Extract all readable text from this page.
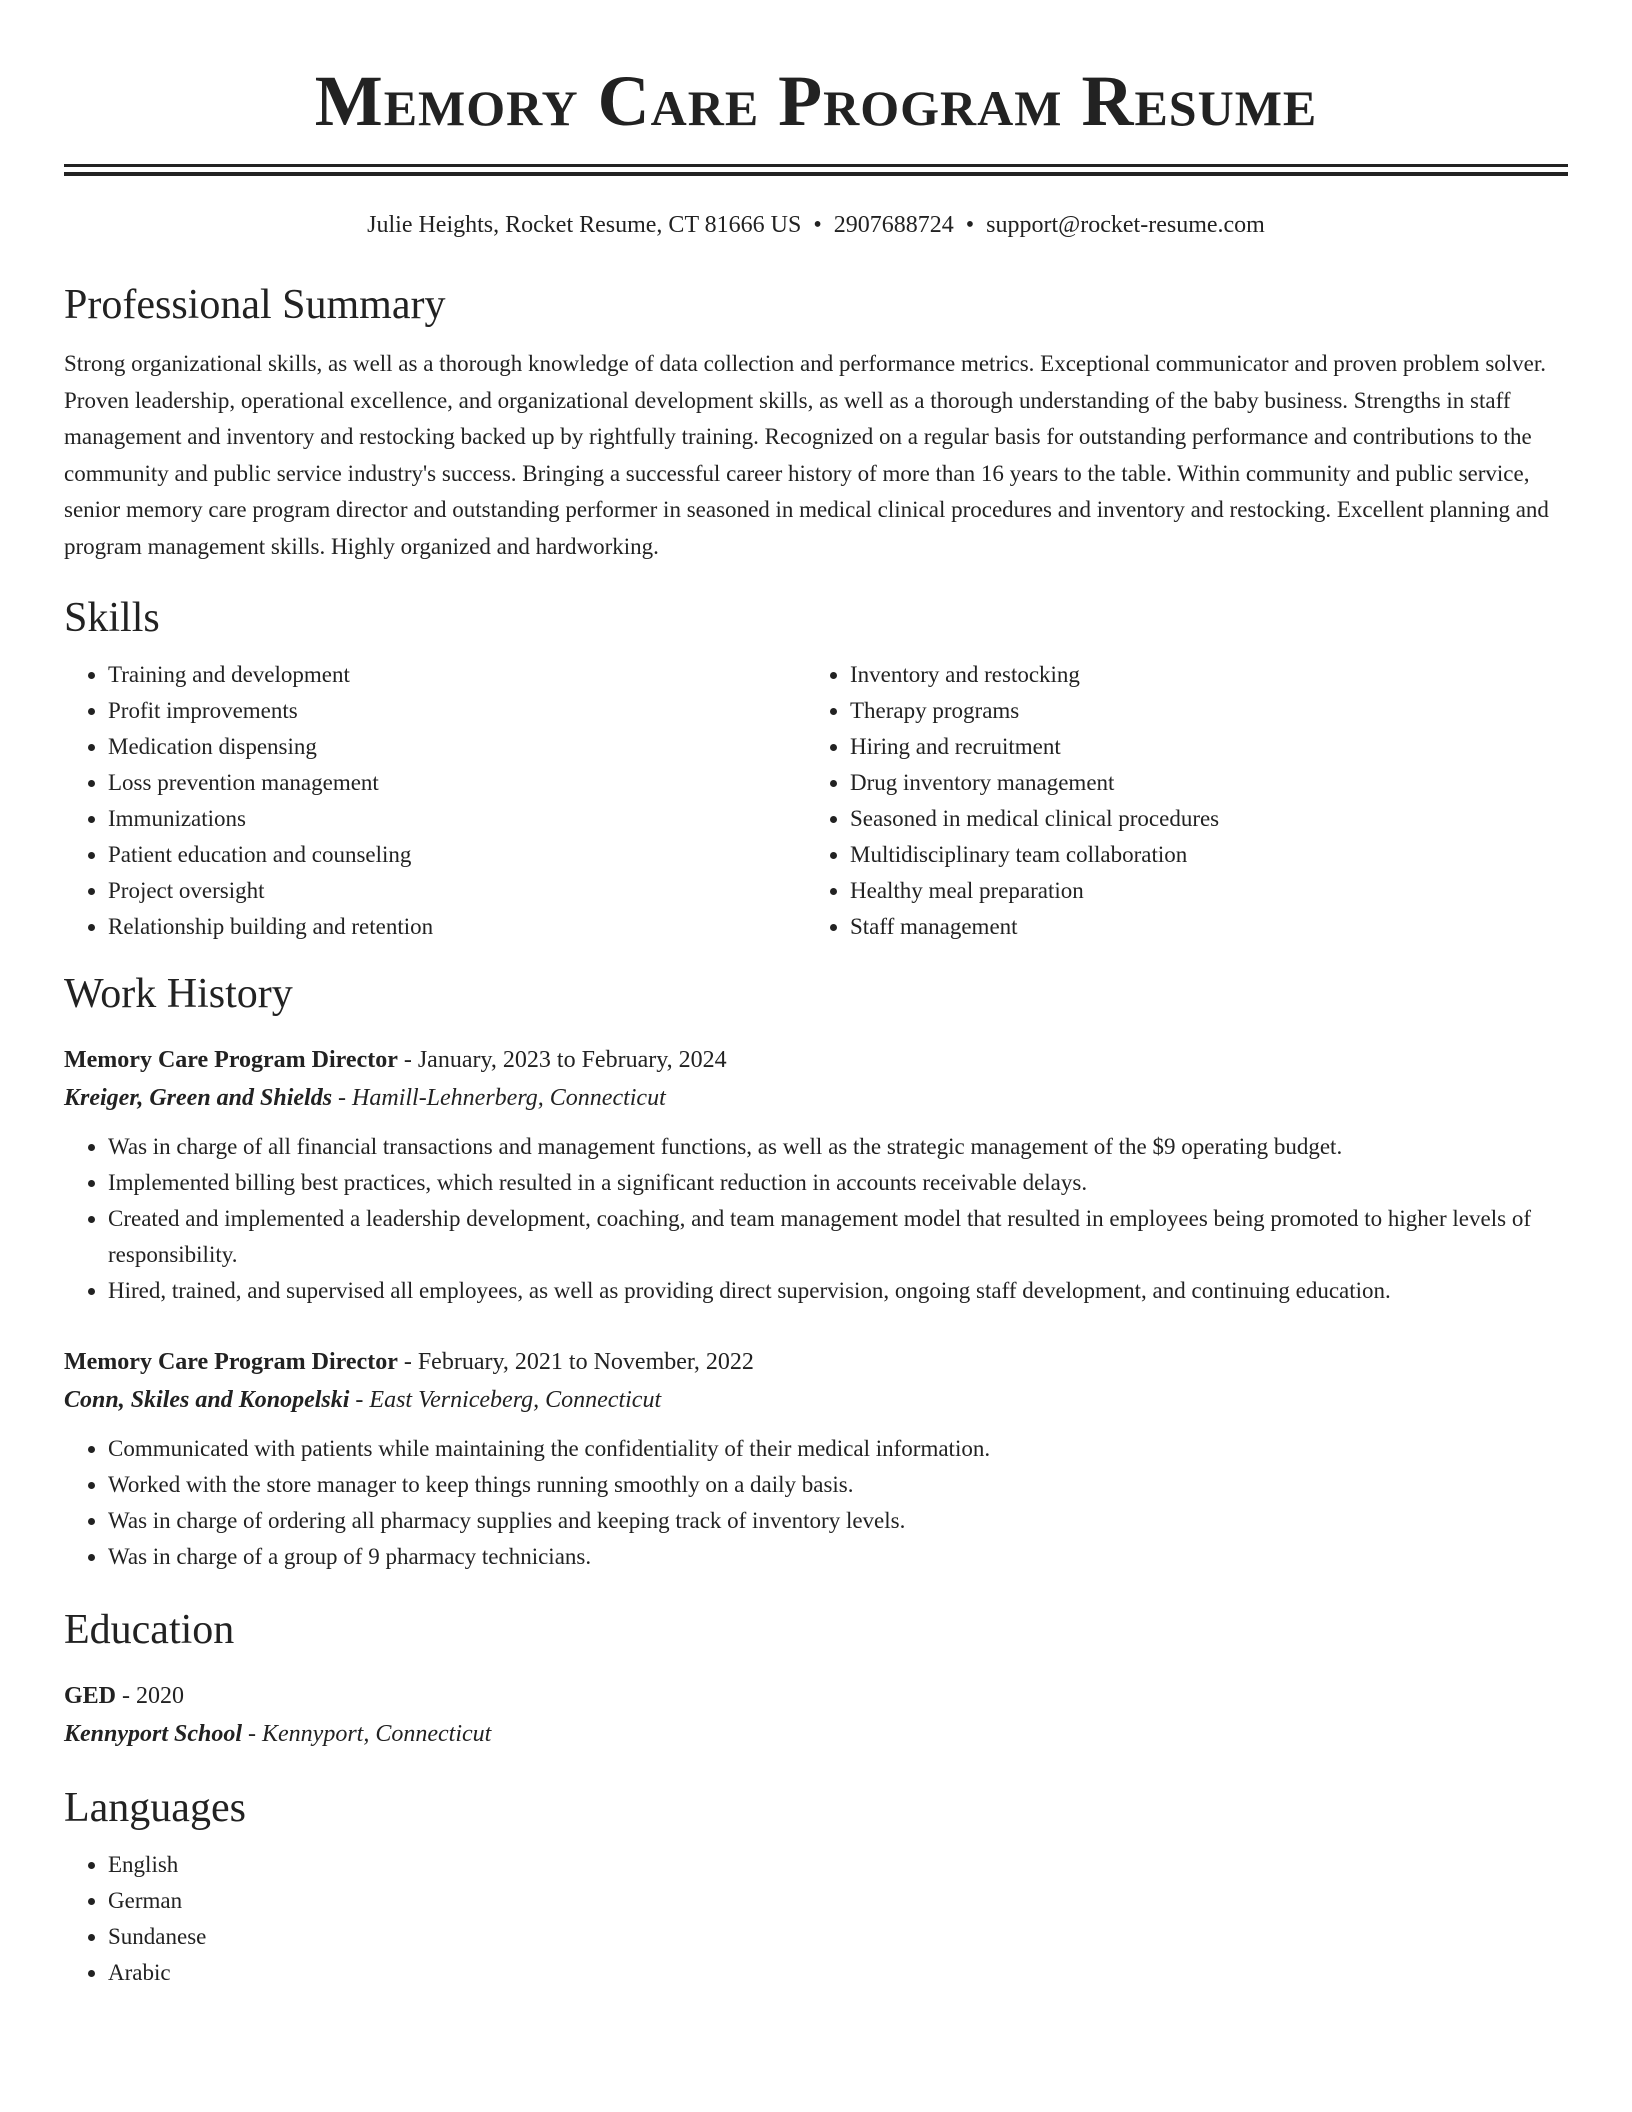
Memory Care Program Resume
Julie Heights, Rocket Resume, CT 81666 US • 2907688724 • support@rocket-resume.com
Professional Summary

Strong organizational skills, as well as a thorough knowledge of data collection and performance metrics. Exceptional communicator and proven problem solver. Proven leadership, operational excellence, and organizational development skills, as well as a thorough understanding of the baby business. Strengths in staff management and inventory and restocking backed up by rightfully training. Recognized on a regular basis for outstanding performance and contributions to the community and public service industry's success. Bringing a successful career history of more than 16 years to the table. Within community and public service, senior memory care program director and outstanding performer in seasoned in medical clinical procedures and inventory and restocking. Excellent planning and program management skills. Highly organized and hardworking.

Skills
• Training and development
• Profit improvements
• Medication dispensing
• Loss prevention management
• Immunizations
• Patient education and counseling
• Project oversight
• Relationship building and retention
• Inventory and restocking
• Therapy programs
• Hiring and recruitment
• Drug inventory management
• Seasoned in medical clinical procedures
• Multidisciplinary team collaboration
• Healthy meal preparation
• Staff management
Work History
Memory Care Program Director - January, 2023 to February, 2024
Kreiger, Green and Shields - Hamill-Lehnerberg, Connecticut
• Was in charge of all financial transactions and management functions, as well as the strategic management of the $9 operating budget.
• Implemented billing best practices, which resulted in a significant reduction in accounts receivable delays.
• Created and implemented a leadership development, coaching, and team management model that resulted in employees being promoted to higher levels of responsibility.
• Hired, trained, and supervised all employees, as well as providing direct supervision, ongoing staff development, and continuing education.
Memory Care Program Director - February, 2021 to November, 2022
Conn, Skiles and Konopelski - East Verniceberg, Connecticut
• Communicated with patients while maintaining the confidentiality of their medical information.
• Worked with the store manager to keep things running smoothly on a daily basis.
• Was in charge of ordering all pharmacy supplies and keeping track of inventory levels.
• Was in charge of a group of 9 pharmacy technicians.
Education
GED - 2020
Kennyport School - Kennyport, Connecticut
Languages
• English
• German
• Sundanese
• Arabic
